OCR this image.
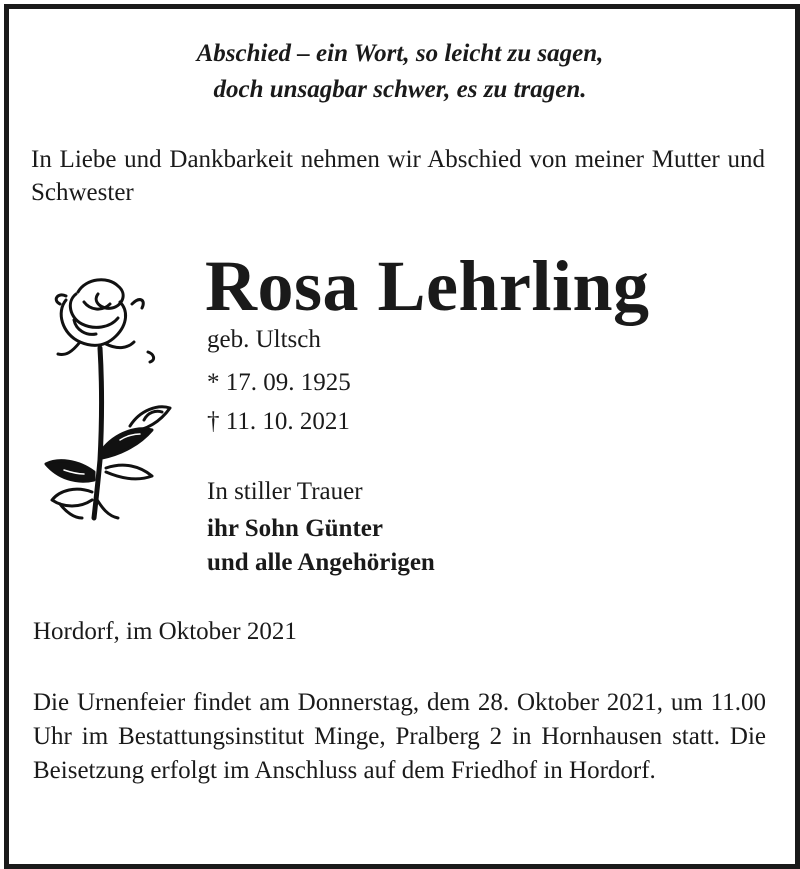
Abschied – ein Wort, so leicht zu sagen,
doch unsagbar schwer, es zu tragen.
In Liebe und Dankbarkeit nehmen wir Abschied von meiner Mutter und Schwester
Rosa Lehrling
geb. Ultsch
* 17. 09. 1925
† 11. 10. 2021
In stiller Trauer
ihr Sohn Günter
und alle Angehörigen
Hordorf, im Oktober 2021
Die Urnenfeier findet am Donnerstag, dem 28. Oktober 2021, um 11.00 Uhr im Bestattungsinstitut Minge, Pralberg 2 in Hornhausen statt. Die Beisetzung erfolgt im Anschluss auf dem Friedhof in Hordorf.
